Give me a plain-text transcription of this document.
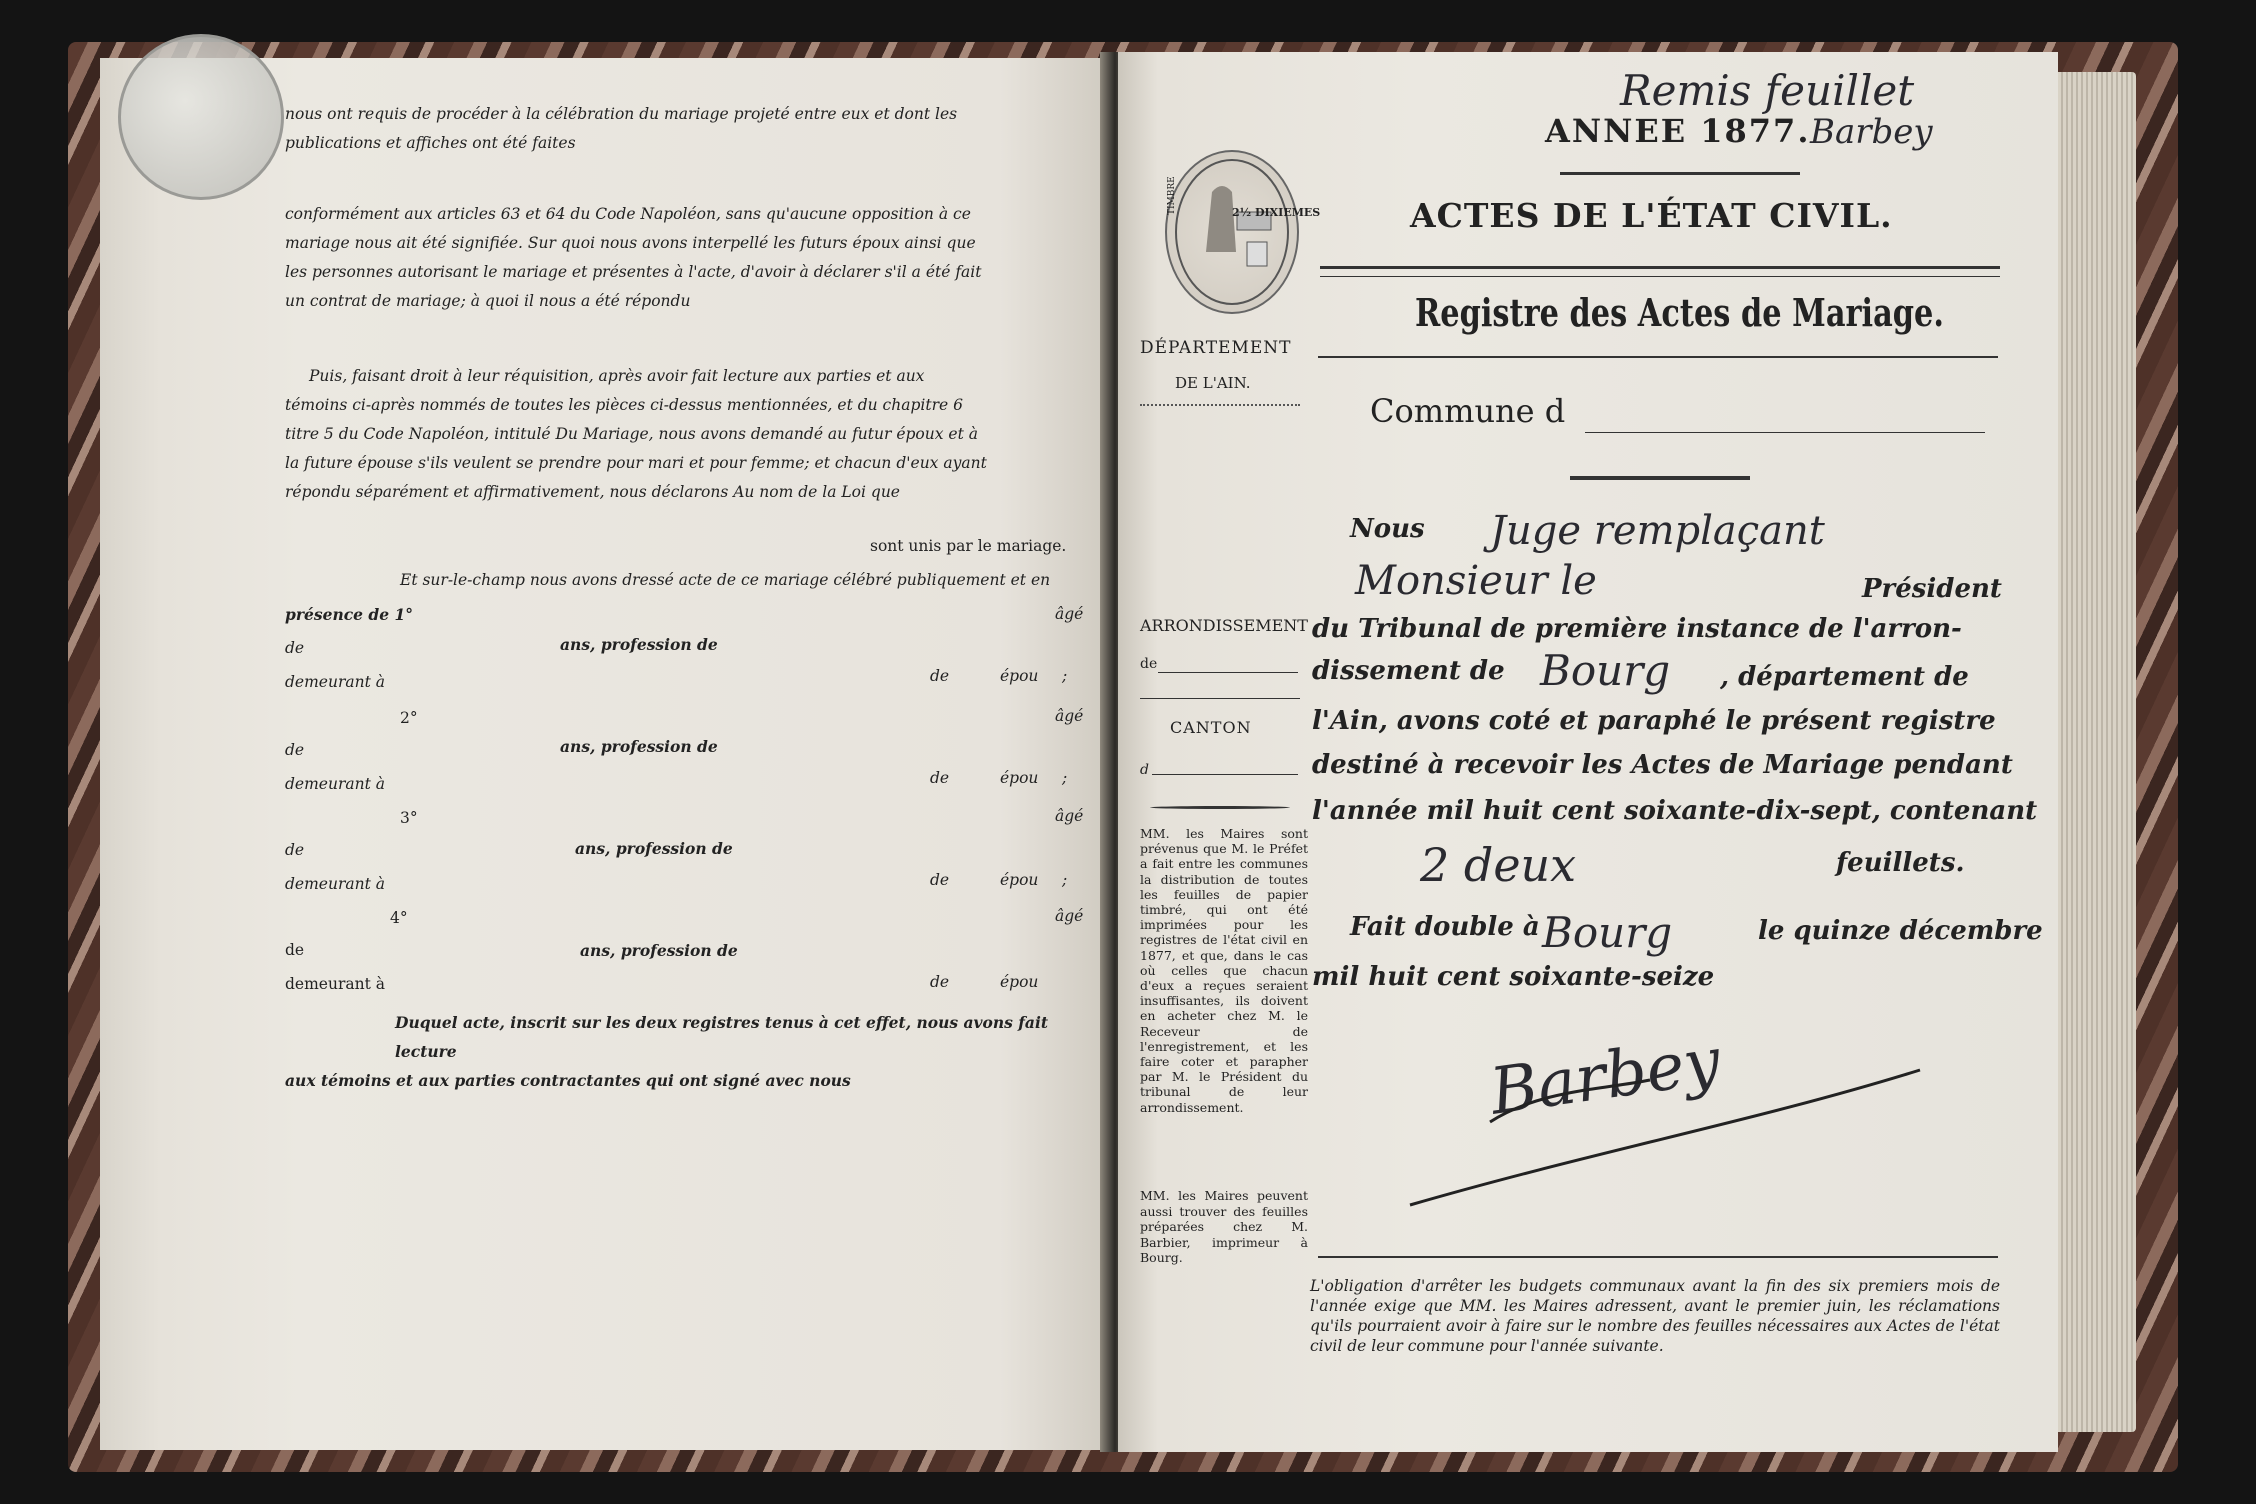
nous ont requis de procéder à la célébration du mariage projeté entre eux et dont les
publications et affiches ont été faites
conformément aux articles 63 et 64 du Code Napoléon, sans qu'aucune opposition à ce
mariage nous ait été signifiée. Sur quoi nous avons interpellé les futurs époux ainsi que
les personnes autorisant le mariage et présentes à l'acte, d'avoir à déclarer s'il a été fait
un contrat de mariage; à quoi il nous a été répondu
Puis, faisant droit à leur réquisition, après avoir fait lecture aux parties et aux
témoins ci-après nommés de toutes les pièces ci-dessus mentionnées, et du chapitre 6
titre 5 du Code Napoléon, intitulé Du Mariage, nous avons demandé au futur époux et à
la future épouse s'ils veulent se prendre pour mari et pour femme; et chacun d'eux ayant
répondu séparément et affirmativement, nous déclarons Au nom de la Loi que
sont unis par le mariage.
Et sur-le-champ nous avons dressé acte de ce mariage célébré publiquement et en
présence de 1°	âgé
de	ans, profession de
demeurant à	de	épou ;
2°	âgé
de	ans, profession de
demeurant à	de	épou ;
3°	âgé
de	ans, profession de
demeurant à	de	épou ;
4°	âgé
de	ans, profession de
demeurant à	de	épou
Duquel acte, inscrit sur les deux registres tenus à cet effet, nous avons fait lecture
aux témoins et aux parties contractantes qui ont signé avec nous
Remis feuillet
ANNEE 1877. Barbey
ACTES DE L'ÉTAT CIVIL.
Registre des Actes de Mariage.
TIMBRE	2½ DIXIEMES
DÉPARTEMENT
DE L'AIN.
Commune d
ARRONDISSEMENT
de
CANTON
d
MM. les Maires sont prévenus que M. le Préfet a fait entre les communes la distribution de toutes les feuilles de papier timbré, qui ont été imprimées pour les registres de l'état civil en 1877, et que, dans le cas où celles que chacun d'eux a reçues seraient insuffisantes, ils doivent en acheter chez M. le Receveur de l'enregistrement, et les faire coter et parapher par M. le Président du tribunal de leur arrondissement.
MM. les Maires peuvent aussi trouver des feuilles préparées chez M. Barbier, imprimeur à Bourg.
Nous Juge remplaçant
Monsieur le	Président
du Tribunal de première instance de l'arron-
dissement de Bourg , département de
l'Ain, avons coté et paraphé le présent registre
destiné à recevoir les Actes de Mariage pendant
l'année mil huit cent soixante-dix-sept, contenant
2 deux	feuillets.
Fait double à Bourg	le quinze décembre
mil huit cent soixante-seize
Barbey
L'obligation d'arrêter les budgets communaux avant la fin des six premiers mois de l'année exige que MM. les Maires adressent, avant le premier juin, les réclamations qu'ils pourraient avoir à faire sur le nombre des feuilles nécessaires aux Actes de l'état civil de leur commune pour l'année suivante.
